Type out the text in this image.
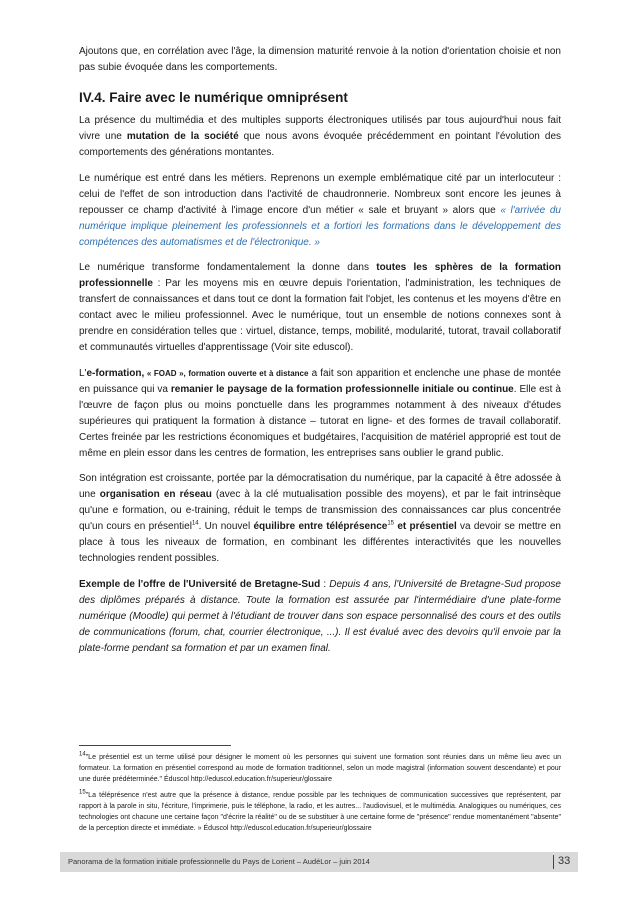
Ajoutons que, en corrélation avec l'âge, la dimension maturité renvoie à la notion d'orientation choisie et non pas subie évoquée dans les comportements.

IV.4. Faire avec le numérique omniprésent

La présence du multimédia et des multiples supports électroniques utilisés par tous aujourd'hui nous fait vivre une mutation de la société que nous avons évoquée précédemment en pointant l'évolution des comportements des générations montantes.

Le numérique est entré dans les métiers. Reprenons un exemple emblématique cité par un interlocuteur : celui de l'effet de son introduction dans l'activité de chaudronnerie. Nombreux sont encore les jeunes à repousser ce champ d'activité à l'image encore d'un métier « sale et bruyant » alors que « l'arrivée du numérique implique pleinement les professionnels et a fortiori les formations dans le développement des compétences des automatismes et de l'électronique. »

Le numérique transforme fondamentalement la donne dans toutes les sphères de la formation professionnelle : Par les moyens mis en œuvre depuis l'orientation, l'administration, les techniques de transfert de connaissances et dans tout ce dont la formation fait l'objet, les contenus et les moyens d'être en contact avec le milieu professionnel. Avec le numérique, tout un ensemble de notions connexes sont à prendre en considération telles que : virtuel, distance, temps, mobilité, modularité, tutorat, travail collaboratif et communautés virtuelles d'apprentissage (Voir site eduscol).

L'e-formation, « FOAD », formation ouverte et à distance a fait son apparition et enclenche une phase de montée en puissance qui va remanier le paysage de la formation professionnelle initiale ou continue. Elle est à l'œuvre de façon plus ou moins ponctuelle dans les programmes notamment à des niveaux d'études supérieures qui pratiquent la formation à distance – tutorat en ligne- et des formes de travail collaboratif. Certes freinée par les restrictions économiques et budgétaires, l'acquisition de matériel approprié est tout de même en plein essor dans les centres de formation, les entreprises sans oublier le grand public.

Son intégration est croissante, portée par la démocratisation du numérique, par la capacité à être adossée à une organisation en réseau (avec à la clé mutualisation possible des moyens), et par le fait intrinsèque qu'une e formation, ou e-training, réduit le temps de transmission des connaissances car plus concentrée qu'un cours en présentiel$^{14}$. Un nouvel équilibre entre téléprésence$^{15}$ et présentiel va devoir se mettre en place à tous les niveaux de formation, en combinant les différentes interactivités que les nouvelles technologies rendent possibles.

Exemple de l'offre de l'Université de Bretagne-Sud : Depuis 4 ans, l'Université de Bretagne-Sud propose des diplômes préparés à distance. Toute la formation est assurée par l'intermédiaire d'une plate-forme numérique (Moodle) qui permet à l'étudiant de trouver dans son espace personnalisé des cours et des outils de communications (forum, chat, courrier électronique, ...). Il est évalué avec des devoirs qu'il envoie par la plate-forme pendant sa formation et par un examen final.

$^{14}$"Le présentiel est un terme utilisé pour désigner le moment où les personnes qui suivent une formation sont réunies dans un même lieu avec un formateur. La formation en présentiel correspond au mode de formation traditionnel, selon un mode magistral (information souvent descendante) et pour une durée prédéterminée." Éduscol http://eduscol.education.fr/superieur/glossaire

$^{15}$"La téléprésence n'est autre que la présence à distance, rendue possible par les techniques de communication successives que représentent, par rapport à la parole in situ, l'écriture, l'imprimerie, puis le téléphone, la radio, et les autres... l'audiovisuel, et le multimédia. Analogiques ou numériques, ces technologies ont chacune une certaine façon "d'écrire la réalité" ou de se substituer à une certaine forme de "présence" rendue momentanément "absente" de la perception directe et immédiate. » Éduscol http://eduscol.education.fr/superieur/glossaire

Panorama de la formation initiale professionnelle du Pays de Lorient – AudéLor – juin 2014	33
